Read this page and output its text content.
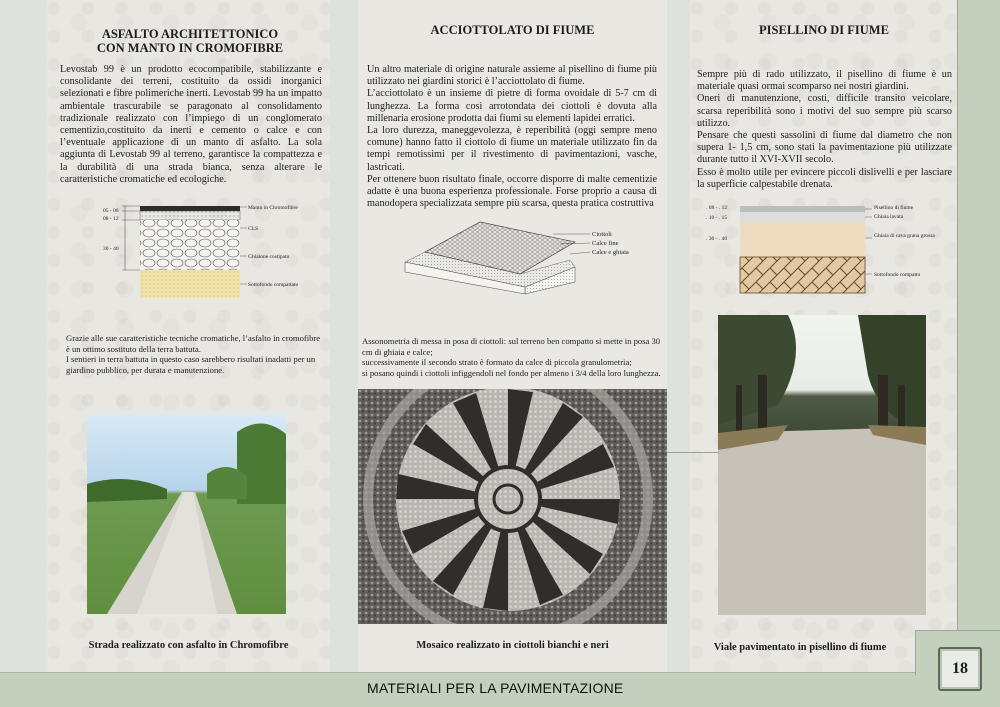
ASFALTO ARCHITETTONICO
CON MANTO IN CROMOFIBRE
Levostab 99 è un prodotto ecocompatibile, stabilizzante e consolidante dei terreni, costituito da ossidi inorganici selezionati e fibre polimeriche inerti. Levostab 99 ha un impatto ambientale trascurabile se paragonato al consolidamento tradizionale realizzato con l’impiego di un conglomerato cementizio,costituito da inerti e cemento o calce e con l’eventuale applicazione di un manto di asfalto. La sola aggiunta di Levostab 99 al terreno, garantisce la compattezza e la durabilità di una strada bianca, senza alterare le caratteristiche cromatiche ed ecologiche.
05 - 06
08 - 12
30 - 40
Manto in Chromofibre
CLS
Ghiaione costipato
Sottofondo compattato
Grazie alle sue caratteristiche tecniche cromatiche, l’asfalto in cromofibre è un ottimo sostituto della terra battuta.
I sentieri in terra battuta in questo caso sarebbero risultati inadatti per un giardino pubblico, per durata e manutenzione.
Strada realizzato con asfalto in Chromofibre
ACCIOTTOLATO DI FIUME
Un altro materiale di origine naturale assieme al pisellino di fiume più utilizzato nei giardini storici è l’acciottolato di fiume.
L’acciottolato è un insieme di pietre di forma ovoidale di 5-7 cm di lunghezza. La forma così arrotondata dei ciottoli è dovuta alla millenaria erosione prodotta dai fiumi su elementi lapidei erratici.
La loro durezza, maneggevolezza, è reperibilità (oggi sempre meno comune) hanno fatto il ciottolo di fiume un materiale utilizzato fin da tempi remotissimi per il rivestimento di pavimentazioni, vasche, lastricati.
Per ottenere buon risultato finale, occorre disporre di malte cementizie adatte è una buona esperienza professionale. Forse proprio a causa di manodopera specializzata sempre più scarsa, questa pratica costruttiva
Ciottoli
Calce fine
Calce e ghiaia
Assonometria di messa in posa di ciottoli: sul terreno ben compatto si mette in posa 30 cm di ghiaia e calce;
successivamente il secondo strato è formato da calce di piccola granulometria;
si posano quindi i ciottoli infiggendoli nel fondo per almeno i 3/4 della loro lunghezza.
Mosaico realizzato in ciottoli bianchi e neri
PISELLINO DI FIUME
Sempre più di rado utilizzato, il pisellino di fiume è un materiale quasi ormai scomparso nei nostri giardini.
Oneri di manutenzione, costi, difficile transito veicolare, scarsa reperibilità sono i motivi del suo sempre più scarso utilizzo.
Pensare che questi sassolini di fiume dal diametro che non supera 1- 1,5 cm, sono stati la pavimentazione più utilizzate durante tutto il XVI-XVII secolo.
Esso è molto utile per evincere piccoli dislivelli e per lasciare la superficie calpestabile drenata.
. 08 - . 12
. 10 - . 15
. 30 - . 40
Pisellino di fiume
Ghiaia lavata
Ghiaia di cava grana grossa
Sottofondo compatto
Viale pavimentato in pisellino di fiume
MATERIALI PER LA PAVIMENTAZIONE
18
